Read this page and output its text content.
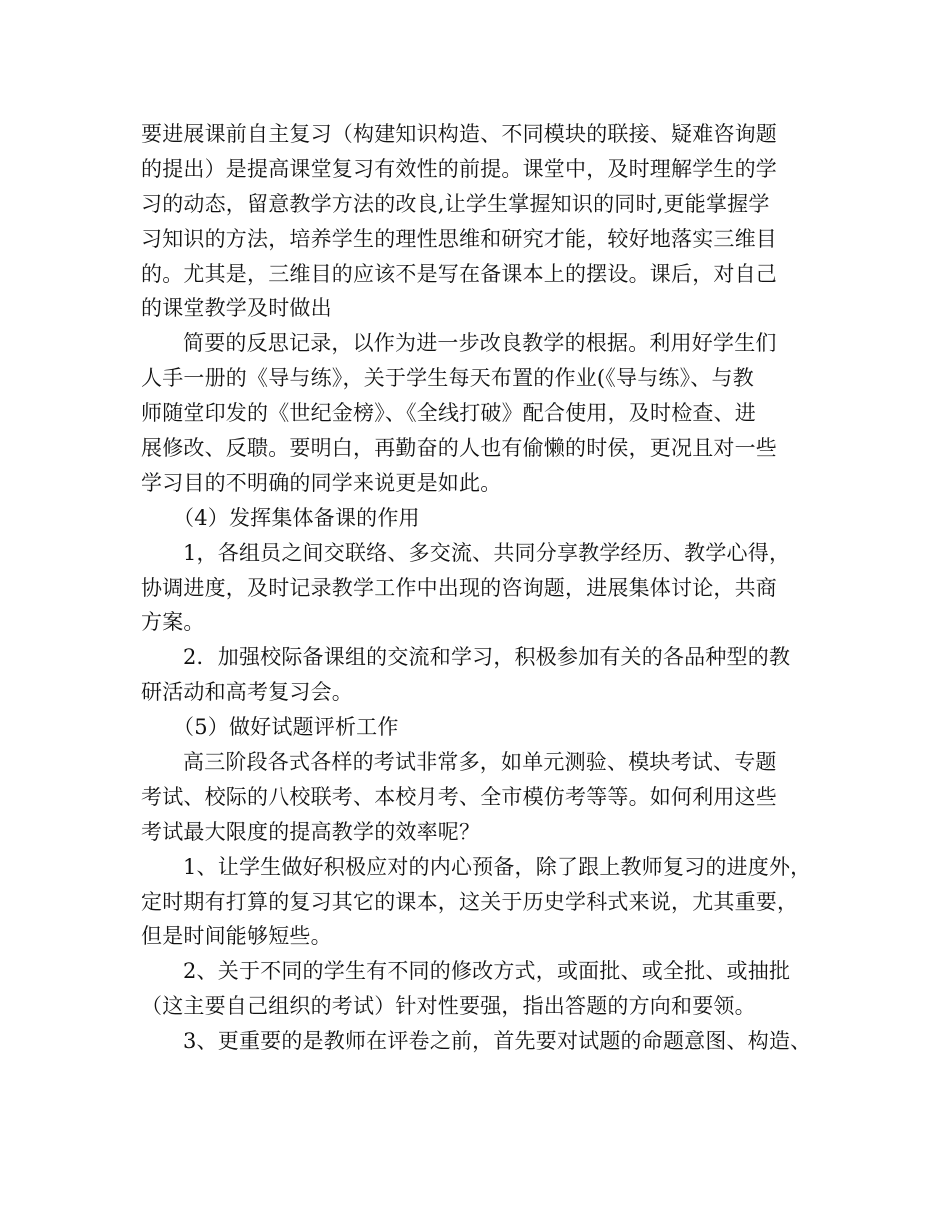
要进展课前自主复习（构建知识构造、不同模块的联接、疑难咨询题
的提出）是提高课堂复习有效性的前提。课堂中，及时理解学生的学
习的动态，留意教学方法的改良,让学生掌握知识的同时,更能掌握学
习知识的方法，培养学生的理性思维和研究才能，较好地落实三维目
的。尤其是，三维目的应该不是写在备课本上的摆设。课后，对自己
的课堂教学及时做出
简要的反思记录，以作为进一步改良教学的根据。利用好学生们
人手一册的《导与练》，关于学生每天布置的作业(《导与练》、与教
师随堂印发的《世纪金榜》、《全线打破》配合使用，及时检查、进
展修改、反聩。要明白，再勤奋的人也有偷懒的时侯，更况且对一些
学习目的不明确的同学来说更是如此。
（4）发挥集体备课的作用
1，各组员之间交联络、多交流、共同分享教学经历、教学心得，
协调进度，及时记录教学工作中出现的咨询题，进展集体讨论，共商
方案。
2．加强校际备课组的交流和学习，积极参加有关的各品种型的教
研活动和高考复习会。
（5）做好试题评析工作
高三阶段各式各样的考试非常多，如单元测验、模块考试、专题
考试、校际的八校联考、本校月考、全市模仿考等等。如何利用这些
考试最大限度的提高教学的效率呢？
1、让学生做好积极应对的内心预备，除了跟上教师复习的进度外，
定时期有打算的复习其它的课本，这关于历史学科式来说，尤其重要，
但是时间能够短些。
2、关于不同的学生有不同的修改方式，或面批、或全批、或抽批
（这主要自己组织的考试）针对性要强，指出答题的方向和要领。
3、更重要的是教师在评卷之前，首先要对试题的命题意图、构造、
